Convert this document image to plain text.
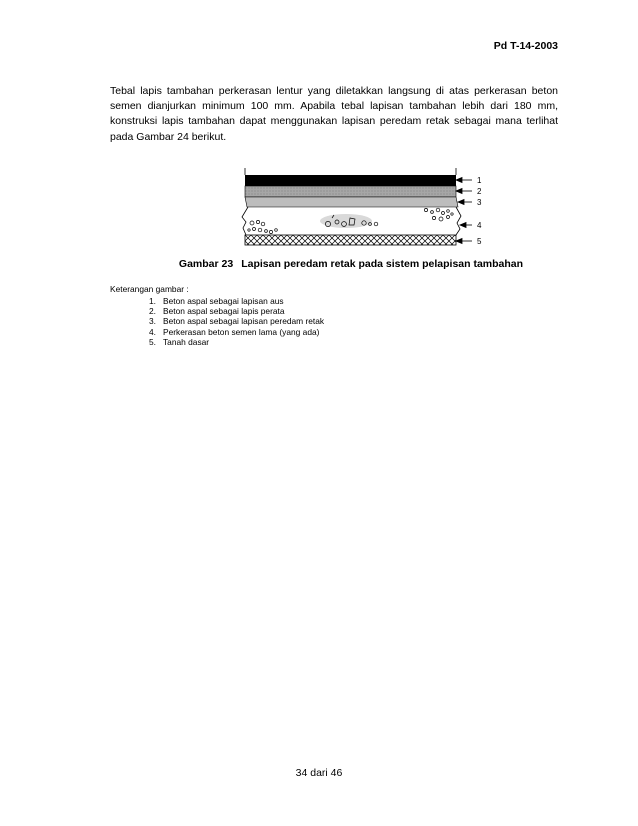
Pd T-14-2003

Tebal lapis tambahan perkerasan lentur yang diletakkan langsung di atas perkerasan beton semen dianjurkan minimum 100 mm. Apabila tebal lapisan tambahan lebih dari 180 mm, konstruksi lapis tambahan dapat menggunakan lapisan peredam retak sebagai mana terlihat pada Gambar 24 berikut.

1
2
3
4
5
Gambar 23 Lapisan peredam retak pada sistem pelapisan tambahan
Keterangan gambar :
1. Beton aspal sebagai lapisan aus
2. Beton aspal sebagai lapis perata
3. Beton aspal sebagai lapisan peredam retak
4. Perkerasan beton semen lama (yang ada)
5. Tanah dasar
34 dari 46
